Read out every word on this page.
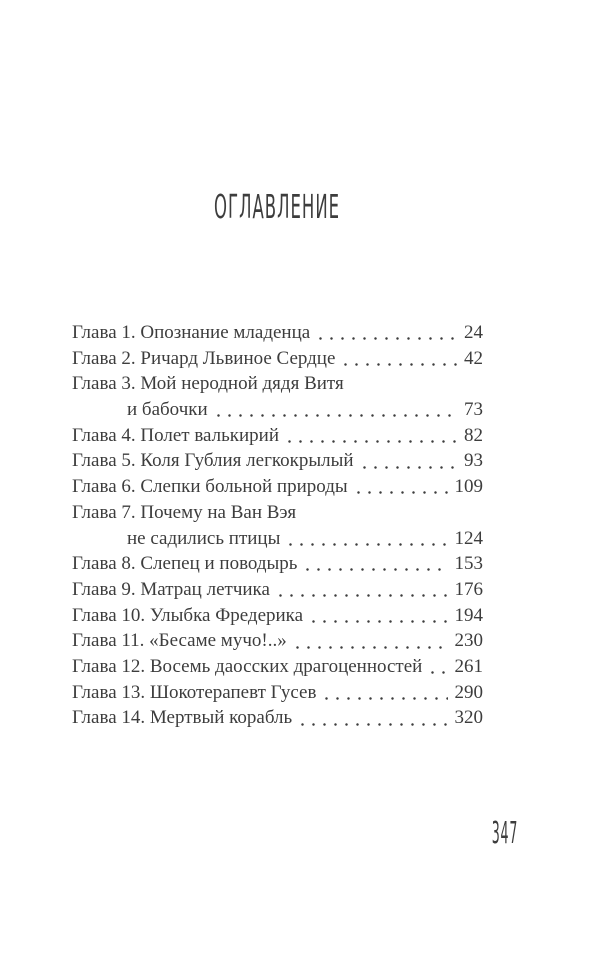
ОГЛАВЛЕНИЕ
Глава 1. Опознание младенца	24
Глава 2. Ричард Львиное Сердце	42
Глава 3. Мой неродной дядя Витя
и бабочки	73
Глава 4. Полет валькирий	82
Глава 5. Коля Гублия легкокрылый	93
Глава 6. Слепки больной природы	109
Глава 7. Почему на Ван Вэя
не садились птицы	124
Глава 8. Слепец и поводырь	153
Глава 9. Матрац летчика	176
Глава 10. Улыбка Фредерика	194
Глава 11. «Бесаме мучо!..»	230
Глава 12. Восемь даосских драгоценностей 261
Глава 13. Шокотерапевт Гусев	290
Глава 14. Мертвый корабль	320
347
